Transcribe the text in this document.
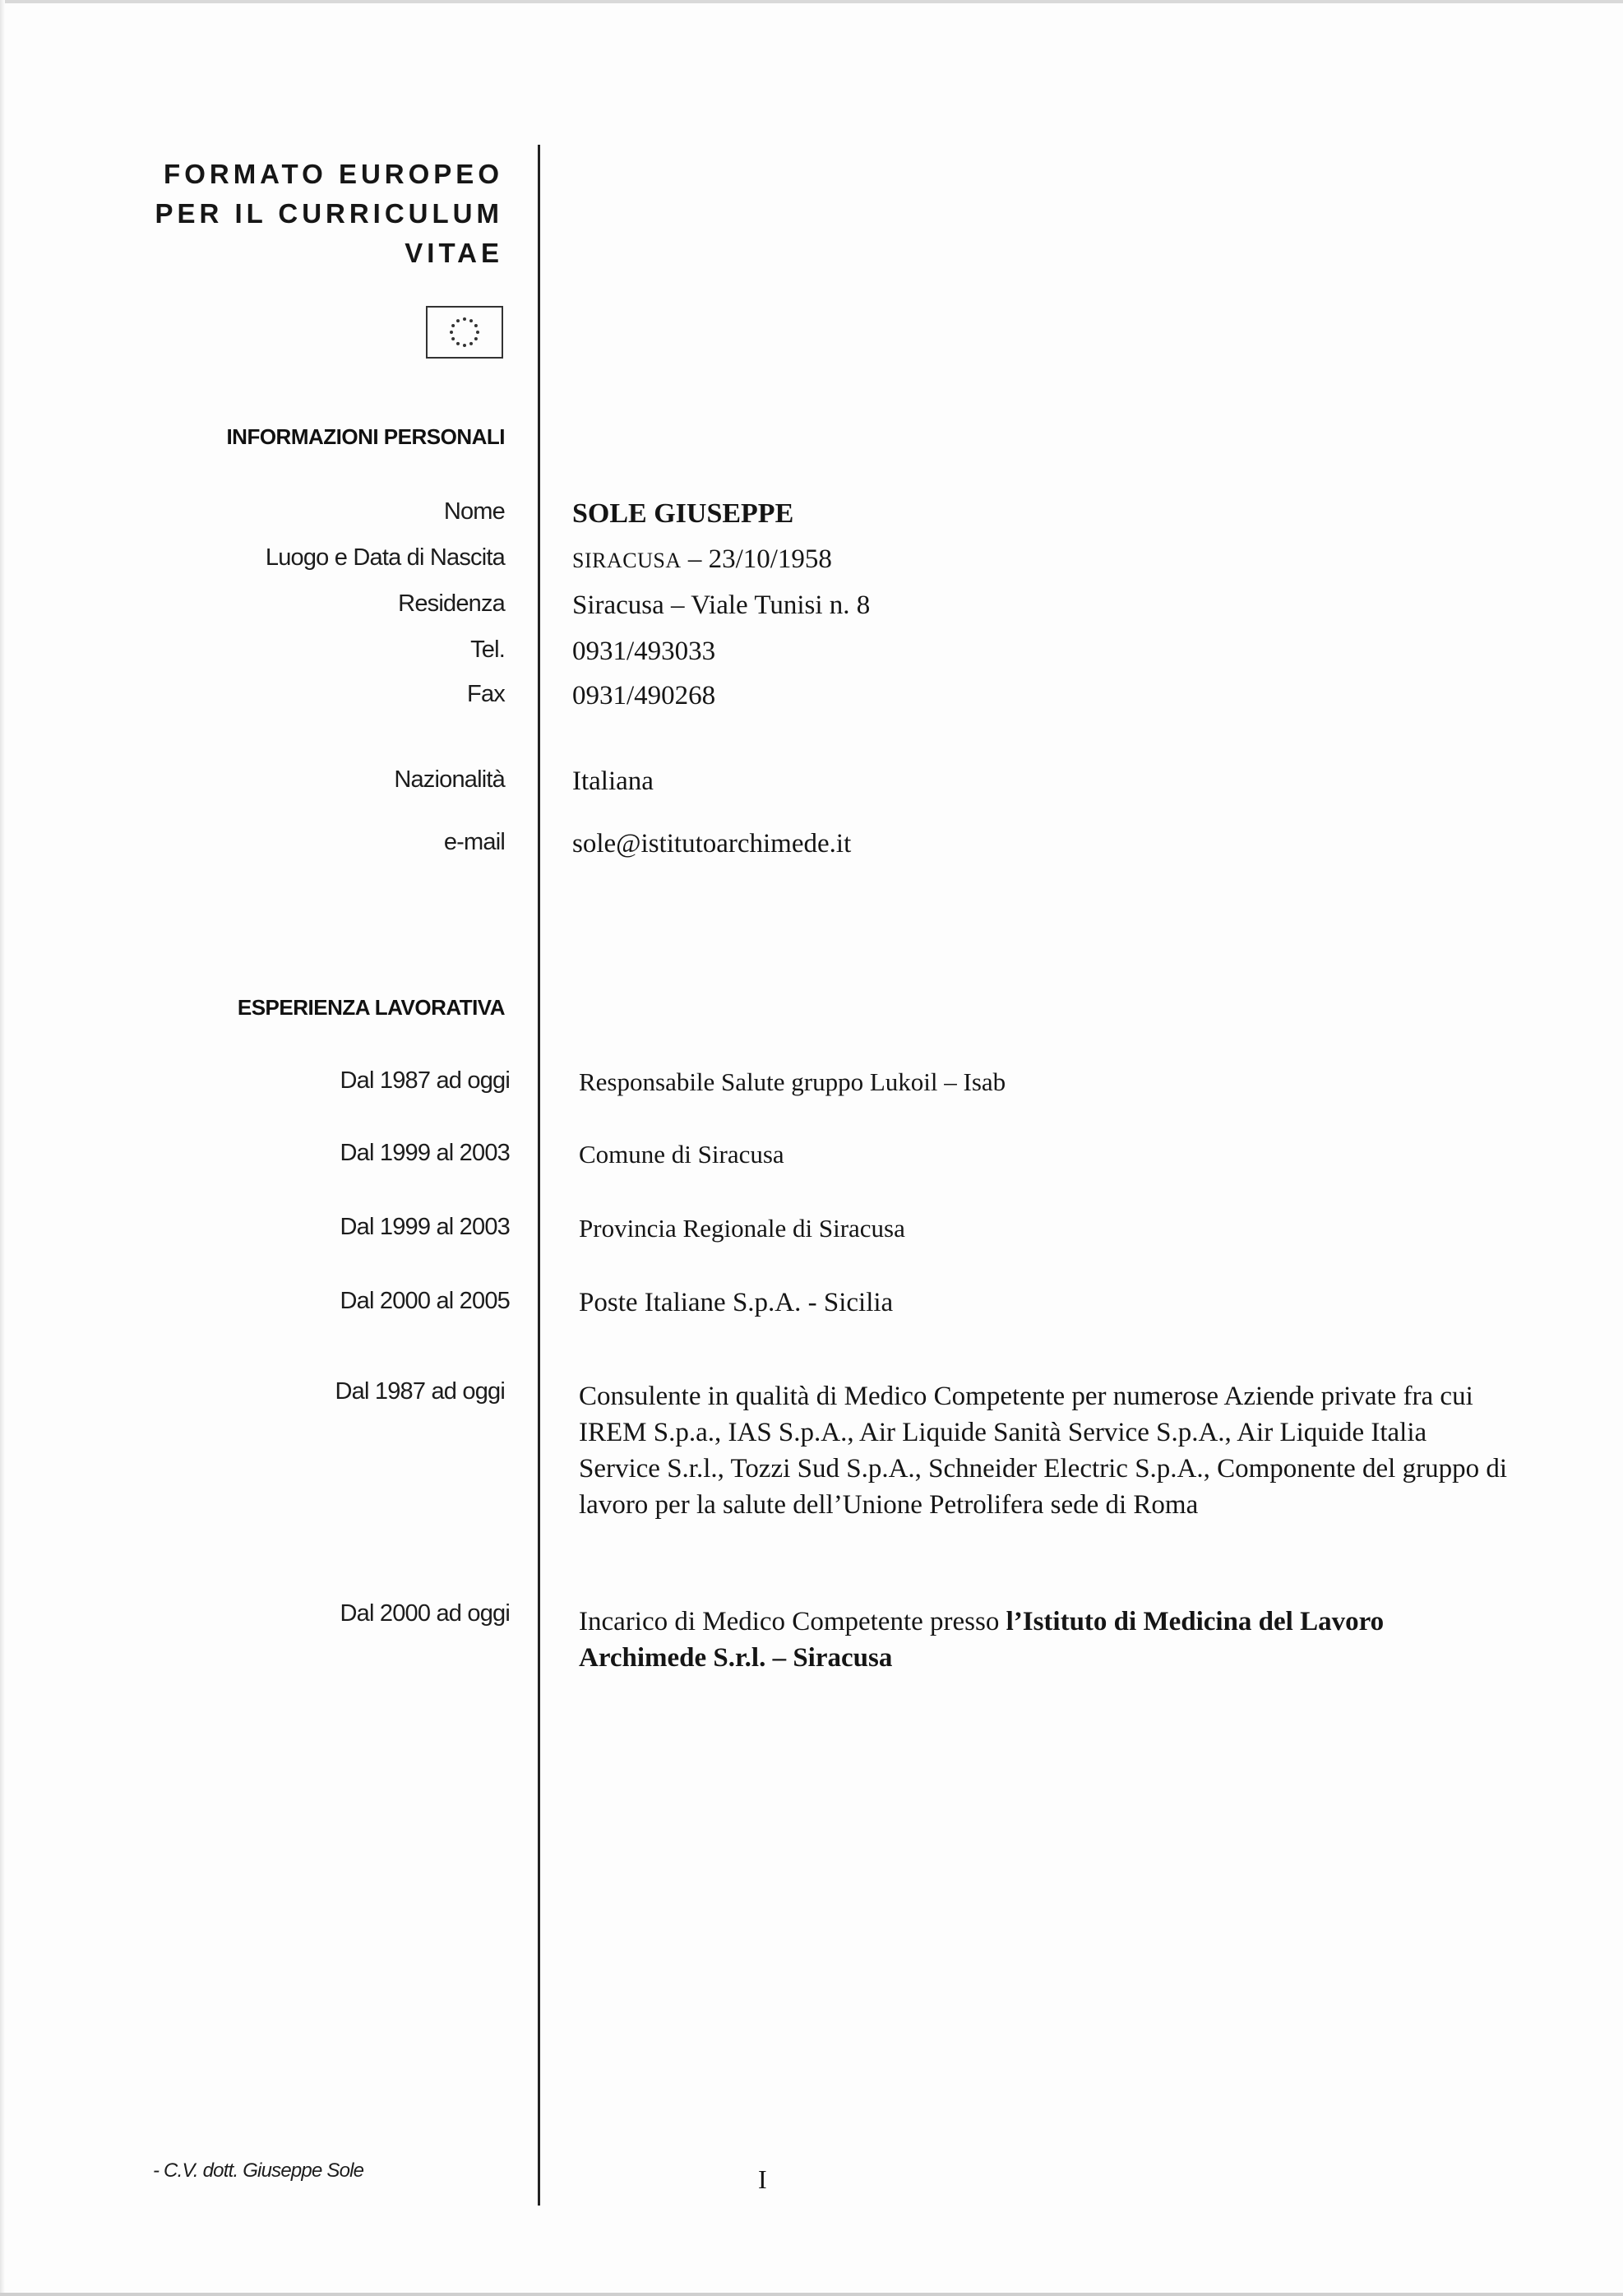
FORMATO EUROPEO
PER IL CURRICULUM
VITAE
INFORMAZIONI PERSONALI
Nome SOLE GIUSEPPE
Luogo e Data di Nascita	SIRACUSA – 23/10/1958
Residenza Siracusa – Viale Tunisi n. 8
Tel. 0931/493033
Fax 0931/490268
Nazionalità Italiana
e-mail sole@istitutoarchimede.it
ESPERIENZA LAVORATIVA
Dal 1987 ad oggi	Responsabile Salute gruppo Lukoil – Isab
Dal 1999 al 2003	Comune di Siracusa
Dal 1999 al 2003	Provincia Regionale di Siracusa
Dal 2000 al 2005	Poste Italiane S.p.A. - Sicilia
Dal 1987 ad oggi	Consulente in qualità di Medico Competente per numerose Aziende private fra cui IREM S.p.a., IAS S.p.A., Air Liquide Sanità Service S.p.A., Air Liquide Italia Service S.r.l., Tozzi Sud S.p.A., Schneider Electric S.p.A., Componente del gruppo di lavoro per la salute dell’Unione Petrolifera sede di Roma
Dal 2000 ad oggi	Incarico di Medico Competente presso l’Istituto di Medicina del Lavoro Archimede S.r.l. – Siracusa
- C.V. dott. Giuseppe Sole	I
